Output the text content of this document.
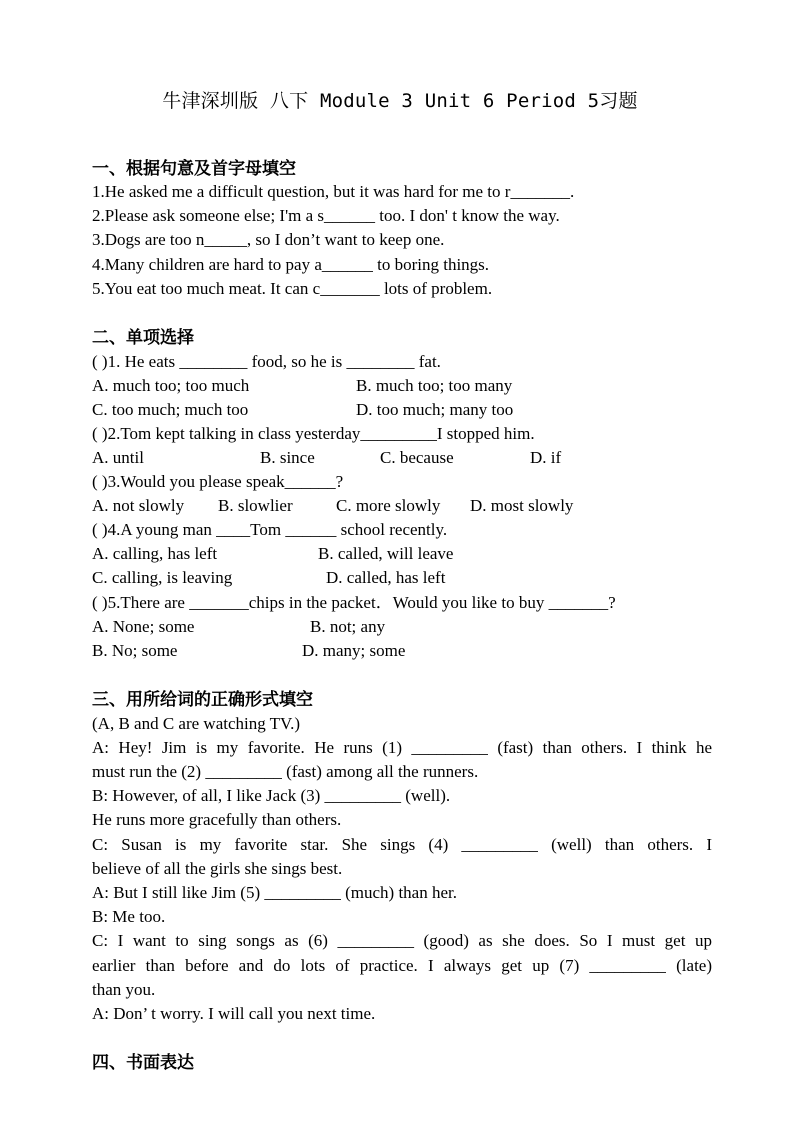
牛津深圳版 八下 Module 3 Unit 6 Period 5习题
一、根据句意及首字母填空
1.He asked me a difficult question, but it was hard for me to r_______.
2.Please ask someone else; I'm a s______ too. I don' t know the way.
3.Dogs are too n_____, so I don’t want to keep one.
4.Many children are hard to pay a______ to boring things.
5.You eat too much meat. It can c_______ lots of problem.
二、单项选择
( )1. He eats ________ food, so he is ________ fat.
A. much too; too much	B. much too; too many
C. too much; much too	D. too much; many too
( )2.Tom kept talking in class yesterday_________I stopped him.
A. until	B. since	C. because	D. if
( )3.Would you please speak______?
A. not slowly B. slowlier	C. more slowly D. most slowly
( )4.A young man ____Tom ______ school recently.
A. calling, has left	B. called, will leave
C. calling, is leaving	D. called, has left
( )5.There are _______chips in the packet．Would you like to buy _______?
A. None; some	B. not; any
B. No; some	D. many; some
三、用所给词的正确形式填空
(A, B and C are watching TV.)
A: Hey! Jim is my favorite. He runs (1) _________ (fast) than others. I think he
must run the (2) _________ (fast) among all the runners.
B: However, of all, I like Jack (3) _________ (well).
He runs more gracefully than others.
C: Susan is my favorite star. She sings (4) _________ (well) than others. I
believe of all the girls she sings best.
A: But I still like Jim (5) _________ (much) than her.
B: Me too.
C: I want to sing songs as (6) _________ (good) as she does. So I must get up
earlier than before and do lots of practice. I always get up (7) _________ (late)
than you.
A: Don’ t worry. I will call you next time.
四、书面表达
